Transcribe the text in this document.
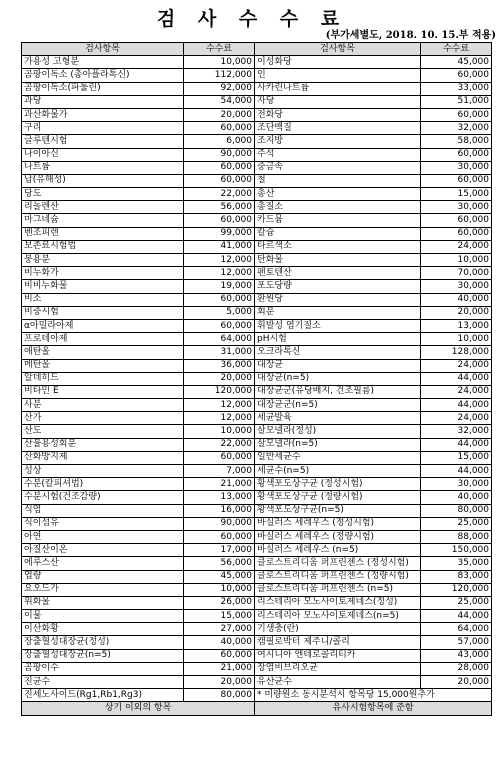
검 사 수 수 료
(부가세별도, 2018. 10. 15.부 적용)
검사항목	수수료	검사항목	수수료
가용성 고형분	10,000	이성화당	45,000
곰팡이독소 (총아플라톡신)	112,000	인	60,000
곰팡이독소(파툴린)	92,000	사카린나트륨	33,000
과당	54,000	자당	51,000
과산화물가	20,000	전화당	60,000
구리	60,000	조단백질	32,000
글루텐시험	6,000	조지방	58,000
나이아신	90,000	주석	60,000
나트륨	60,000	중금속	30,000
납(유해성)	60,000	철	60,000
당도	22,000	총산	15,000
리놀렌산	56,000	총질소	30,000
마그네슘	60,000	카드뮴	60,000
벤조피렌	99,000	칼슘	60,000
보존료시험법	41,000	타르색소	24,000
붕용분	12,000	탄화물	10,000
비누화가	12,000	펜토텐산	70,000
비비누화물	19,000	포도당량	30,000
비소	60,000	환원당	40,000
비중시험	5,000	회분	20,000
α아밀라아제	60,000	휘발성 염기질소	13,000
프로테아제	64,000	pH시험	10,000
애탄올	31,000	오크라톡신	128,000
메탄올	36,000	대장균	24,000
알데히드	20,000	대장균(n=5)	44,000
비타민 E	120,000	대장균군(유당배지, 건조필름)	24,000
사분	12,000	대장균군(n=5)	44,000
산가	12,000	세균발육	24,000
산도	10,000	살모넬라(정성)	32,000
산불용성회분	22,000	살모넬라(n=5)	44,000
산화방지제	60,000	일반세균수	15,000
성상	7,000	세균수(n=5)	44,000
수분(칼피셔법)	21,000	황색포도상구균 (정성시험)	30,000
수분시험(건조감량)	13,000	황색포도상구균 (정량시험)	40,000
식염	16,000	황색포도상구균(n=5)	80,000
식이섬유	90,000	바실러스 세레우스 (정성시험)	25,000
아연	60,000	바실러스 세레우스 (정량시험)	88,000
아질산이온	17,000	바실러스 세레우스 (n=5)	150,000
에루스산	56,000	클로스트리디움 퍼프린젠스 (정성시험)	35,000
엽량	45,000	클로스트리디움 퍼프린젠스 (정량시험)	83,000
요오드가	10,000	클로스트리디움 퍼프린젠스 (n=5)	120,000
위화물	26,000	리스테리아 모노사이토제네스(정성)	25,000
이물	15,000	리스테리아 모노사이토제네스(n=5)	44,000
이산화황	27,000	기생충(란)	64,000
장출혈성대장균(정성)	40,000	캠필로박터 제주니/콜리	57,000
장출혈성대장균(n=5)	60,000	여시니아 엔테로콜리티카	43,000
곰팡이수	21,000	장염비브리오균	28,000
진균수	20,000	유산균수	20,000
진세노사이드(Rg1,Rb1,Rg3)	80,000	* 미량원소 동시분석시 항목당 15,000원추가	
상기 이외의 항목		유사시험항목에 준함	
